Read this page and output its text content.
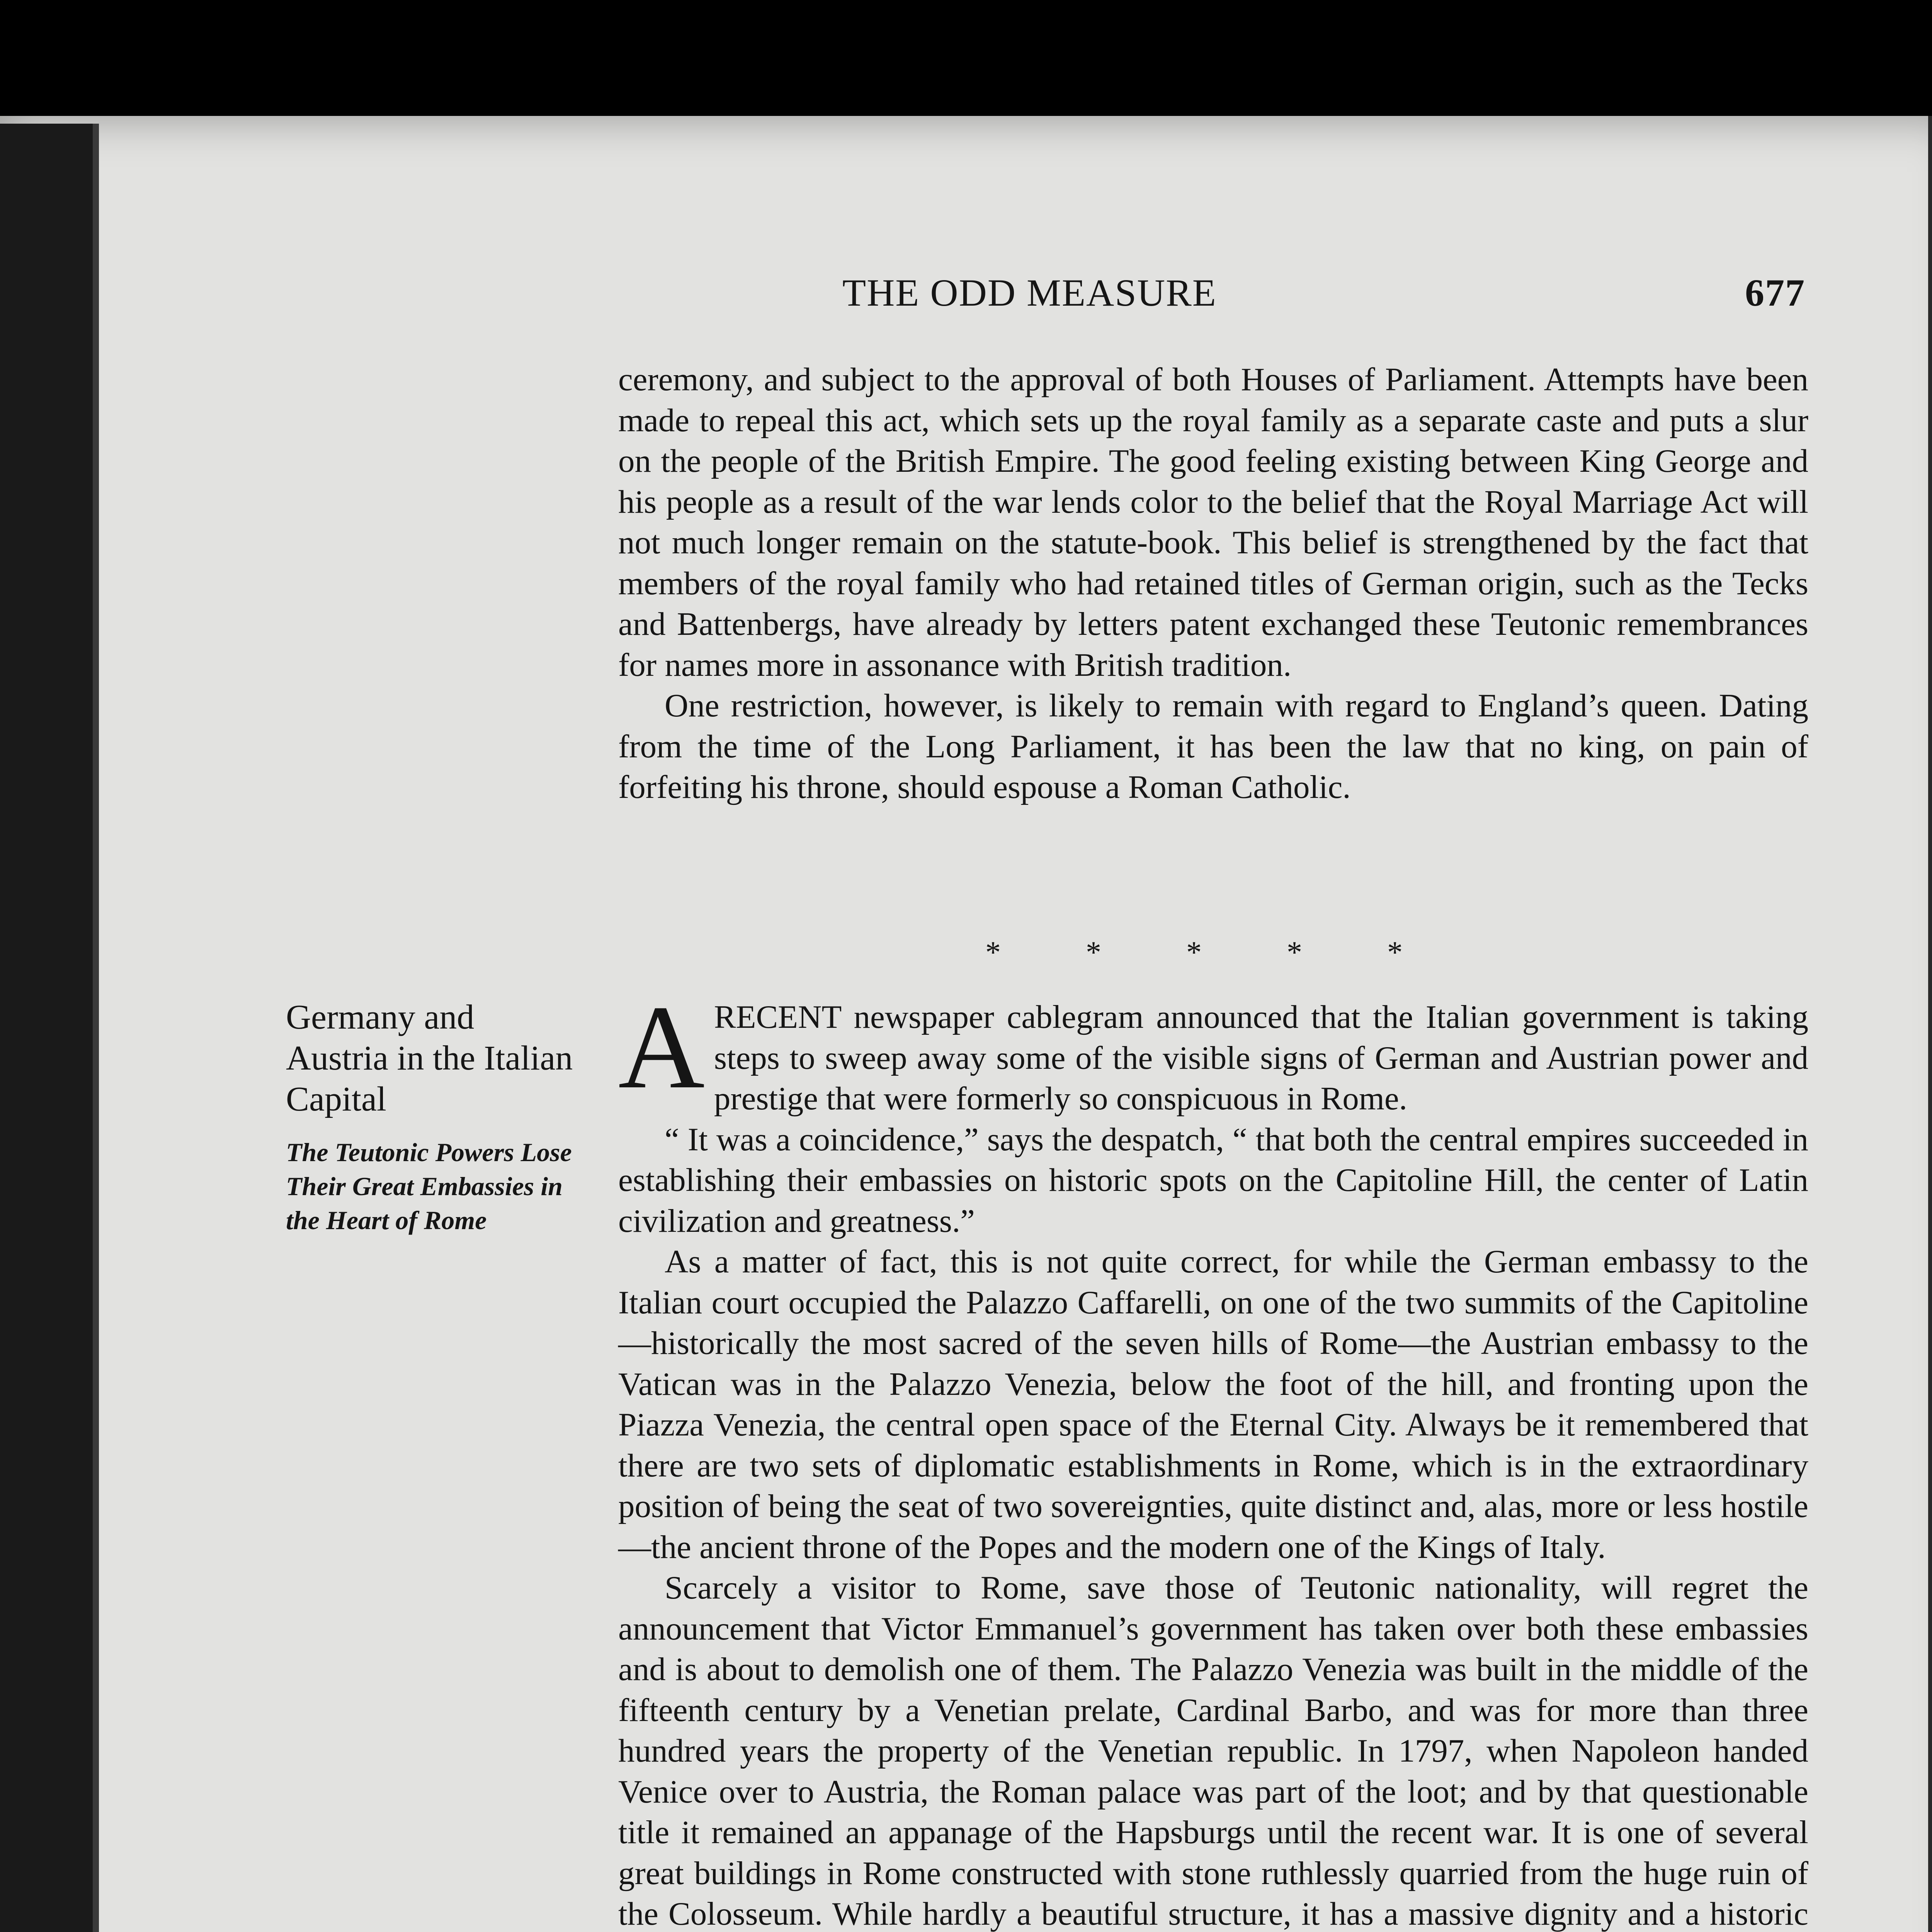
THE ODD MEASURE	677

ceremony, and subject to the approval of both Houses of Parliament. Attempts have been made to repeal this act, which sets up the royal family as a separate caste and puts a slur on the people of the British Empire. The good feeling existing between King George and his people as a result of the war lends color to the belief that the Royal Marriage Act will not much longer remain on the statute-book. This belief is strengthened by the fact that members of the royal family who had retained titles of German origin, such as the Tecks and Battenbergs, have already by letters patent exchanged these Teutonic remembrances for names more in assonance with British tradition.

One restriction, however, is likely to remain with regard to England’s queen. Dating from the time of the Long Parliament, it has been the law that no king, on pain of forfeiting his throne, should espouse a Roman Catholic.

* * * * *
Germany and Austria in the Italian Capital

The Teutonic Powers Lose Their Great Embassies in the Heart of Rome

ARECENT newspaper cablegram announced that the Italian government is taking steps to sweep away some of the visible signs of German and Austrian power and prestige that were formerly so conspicuous in Rome.

“ It was a coincidence,” says the despatch, “ that both the central empires succeeded in establishing their embassies on historic spots on the Capitoline Hill, the center of Latin civilization and greatness.”

As a matter of fact, this is not quite correct, for while the German embassy to the Italian court occupied the Palazzo Caffarelli, on one of the two summits of the Capitoline—historically the most sacred of the seven hills of Rome—the Austrian embassy to the Vatican was in the Palazzo Venezia, below the foot of the hill, and fronting upon the Piazza Venezia, the central open space of the Eternal City. Always be it remembered that there are two sets of diplomatic establishments in Rome, which is in the extraordinary position of being the seat of two sovereignties, quite distinct and, alas, more or less hostile—the ancient throne of the Popes and the modern one of the Kings of Italy.

Scarcely a visitor to Rome, save those of Teutonic nationality, will regret the announcement that Victor Emmanuel’s government has taken over both these embassies and is about to demolish one of them. The Palazzo Venezia was built in the middle of the fifteenth century by a Venetian prelate, Cardinal Barbo, and was for more than three hundred years the property of the Venetian republic. In 1797, when Napoleon handed Venice over to Austria, the Roman palace was part of the loot; and by that questionable title it remained an appanage of the Hapsburgs until the recent war. It is one of several great buildings in Rome constructed with stone ruthlessly quarried from the huge ruin of the Colosseum. While hardly a beautiful structure, it has a massive dignity and a historic
